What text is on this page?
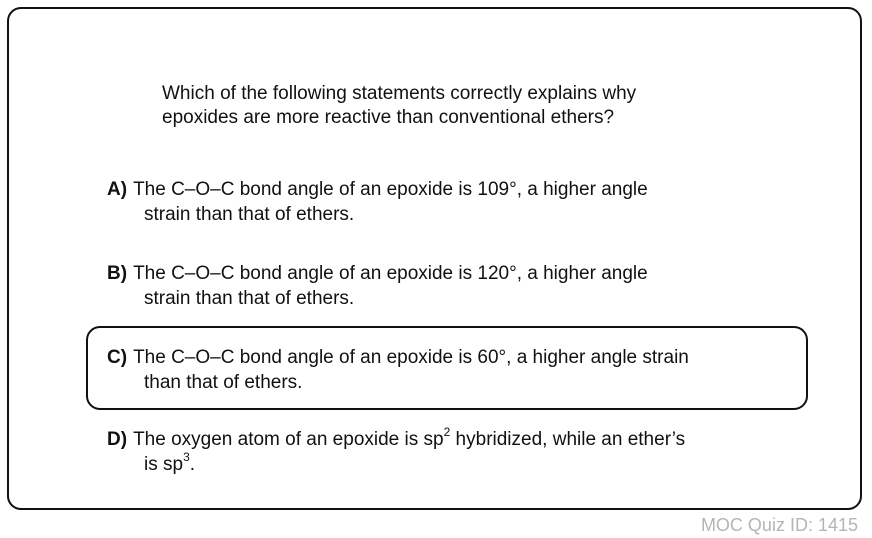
Which of the following statements correctly explains why
epoxides are more reactive than conventional ethers?
A) The C–O–C bond angle of an epoxide is 109°, a higher angle
strain than that of ethers.
B) The C–O–C bond angle of an epoxide is 120°, a higher angle
strain than that of ethers.
C) The C–O–C bond angle of an epoxide is 60°, a higher angle strain
than that of ethers.
D) The oxygen atom of an epoxide is $sp^2$ hybridized, while an ether’s
is $sp^3$.
MOC Quiz ID: 1415
